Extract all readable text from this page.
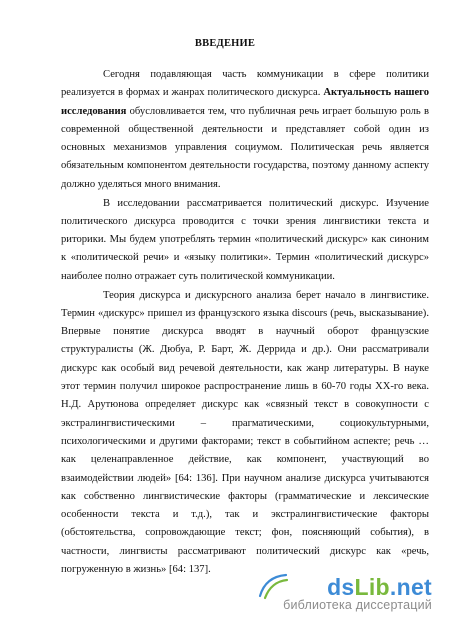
ВВЕДЕНИЕ

Сегодня подавляющая часть коммуникации в сфере политики реализуется в формах и жанрах политического дискурса. Актуальность нашего исследования обусловливается тем, что публичная речь играет большую роль в современной общественной деятельности и представляет собой один из основных механизмов управления социумом. Политическая речь является обязательным компонентом деятельности государства, поэтому данному аспекту должно уделяться много внимания.

В исследовании рассматривается политический дискурс. Изучение политического дискурса проводится с точки зрения лингвистики текста и риторики. Мы будем употреблять термин «политический дискурс» как синоним к «политической речи» и «языку политики». Термин «политический дискурс» наиболее полно отражает суть политической коммуникации.

Теория дискурса и дискурсного анализа берет начало в лингвистике. Термин «дискурс» пришел из французского языка discours (речь, высказывание). Впервые понятие дискурса вводят в научный оборот французские структуралисты (Ж. Дюбуа, Р. Барт, Ж. Деррида и др.). Они рассматривали дискурс как особый вид речевой деятельности, как жанр литературы. В науке этот термин получил широкое распространение лишь в 60-70 годы XX-го века. Н.Д. Арутюнова определяет дискурс как «связный текст в совокупности с экстралингвистическими – прагматическими, социокультурными, психологическими и другими факторами; текст в событийном аспекте; речь … как целенаправленное действие, как компонент, участвующий во взаимодействии людей» [64: 136]. При научном анализе дискурса учитываются как собственно лингвистические факторы (грамматические и лексические особенности текста и т.д.), так и экстралингвистические факторы (обстоятельства, сопровождающие текст; фон, поясняющий события), в частности, лингвисты рассматривают политический дискурс как «речь, погруженную в жизнь» [64: 137].

dsLib.net
библиотека диссертаций
